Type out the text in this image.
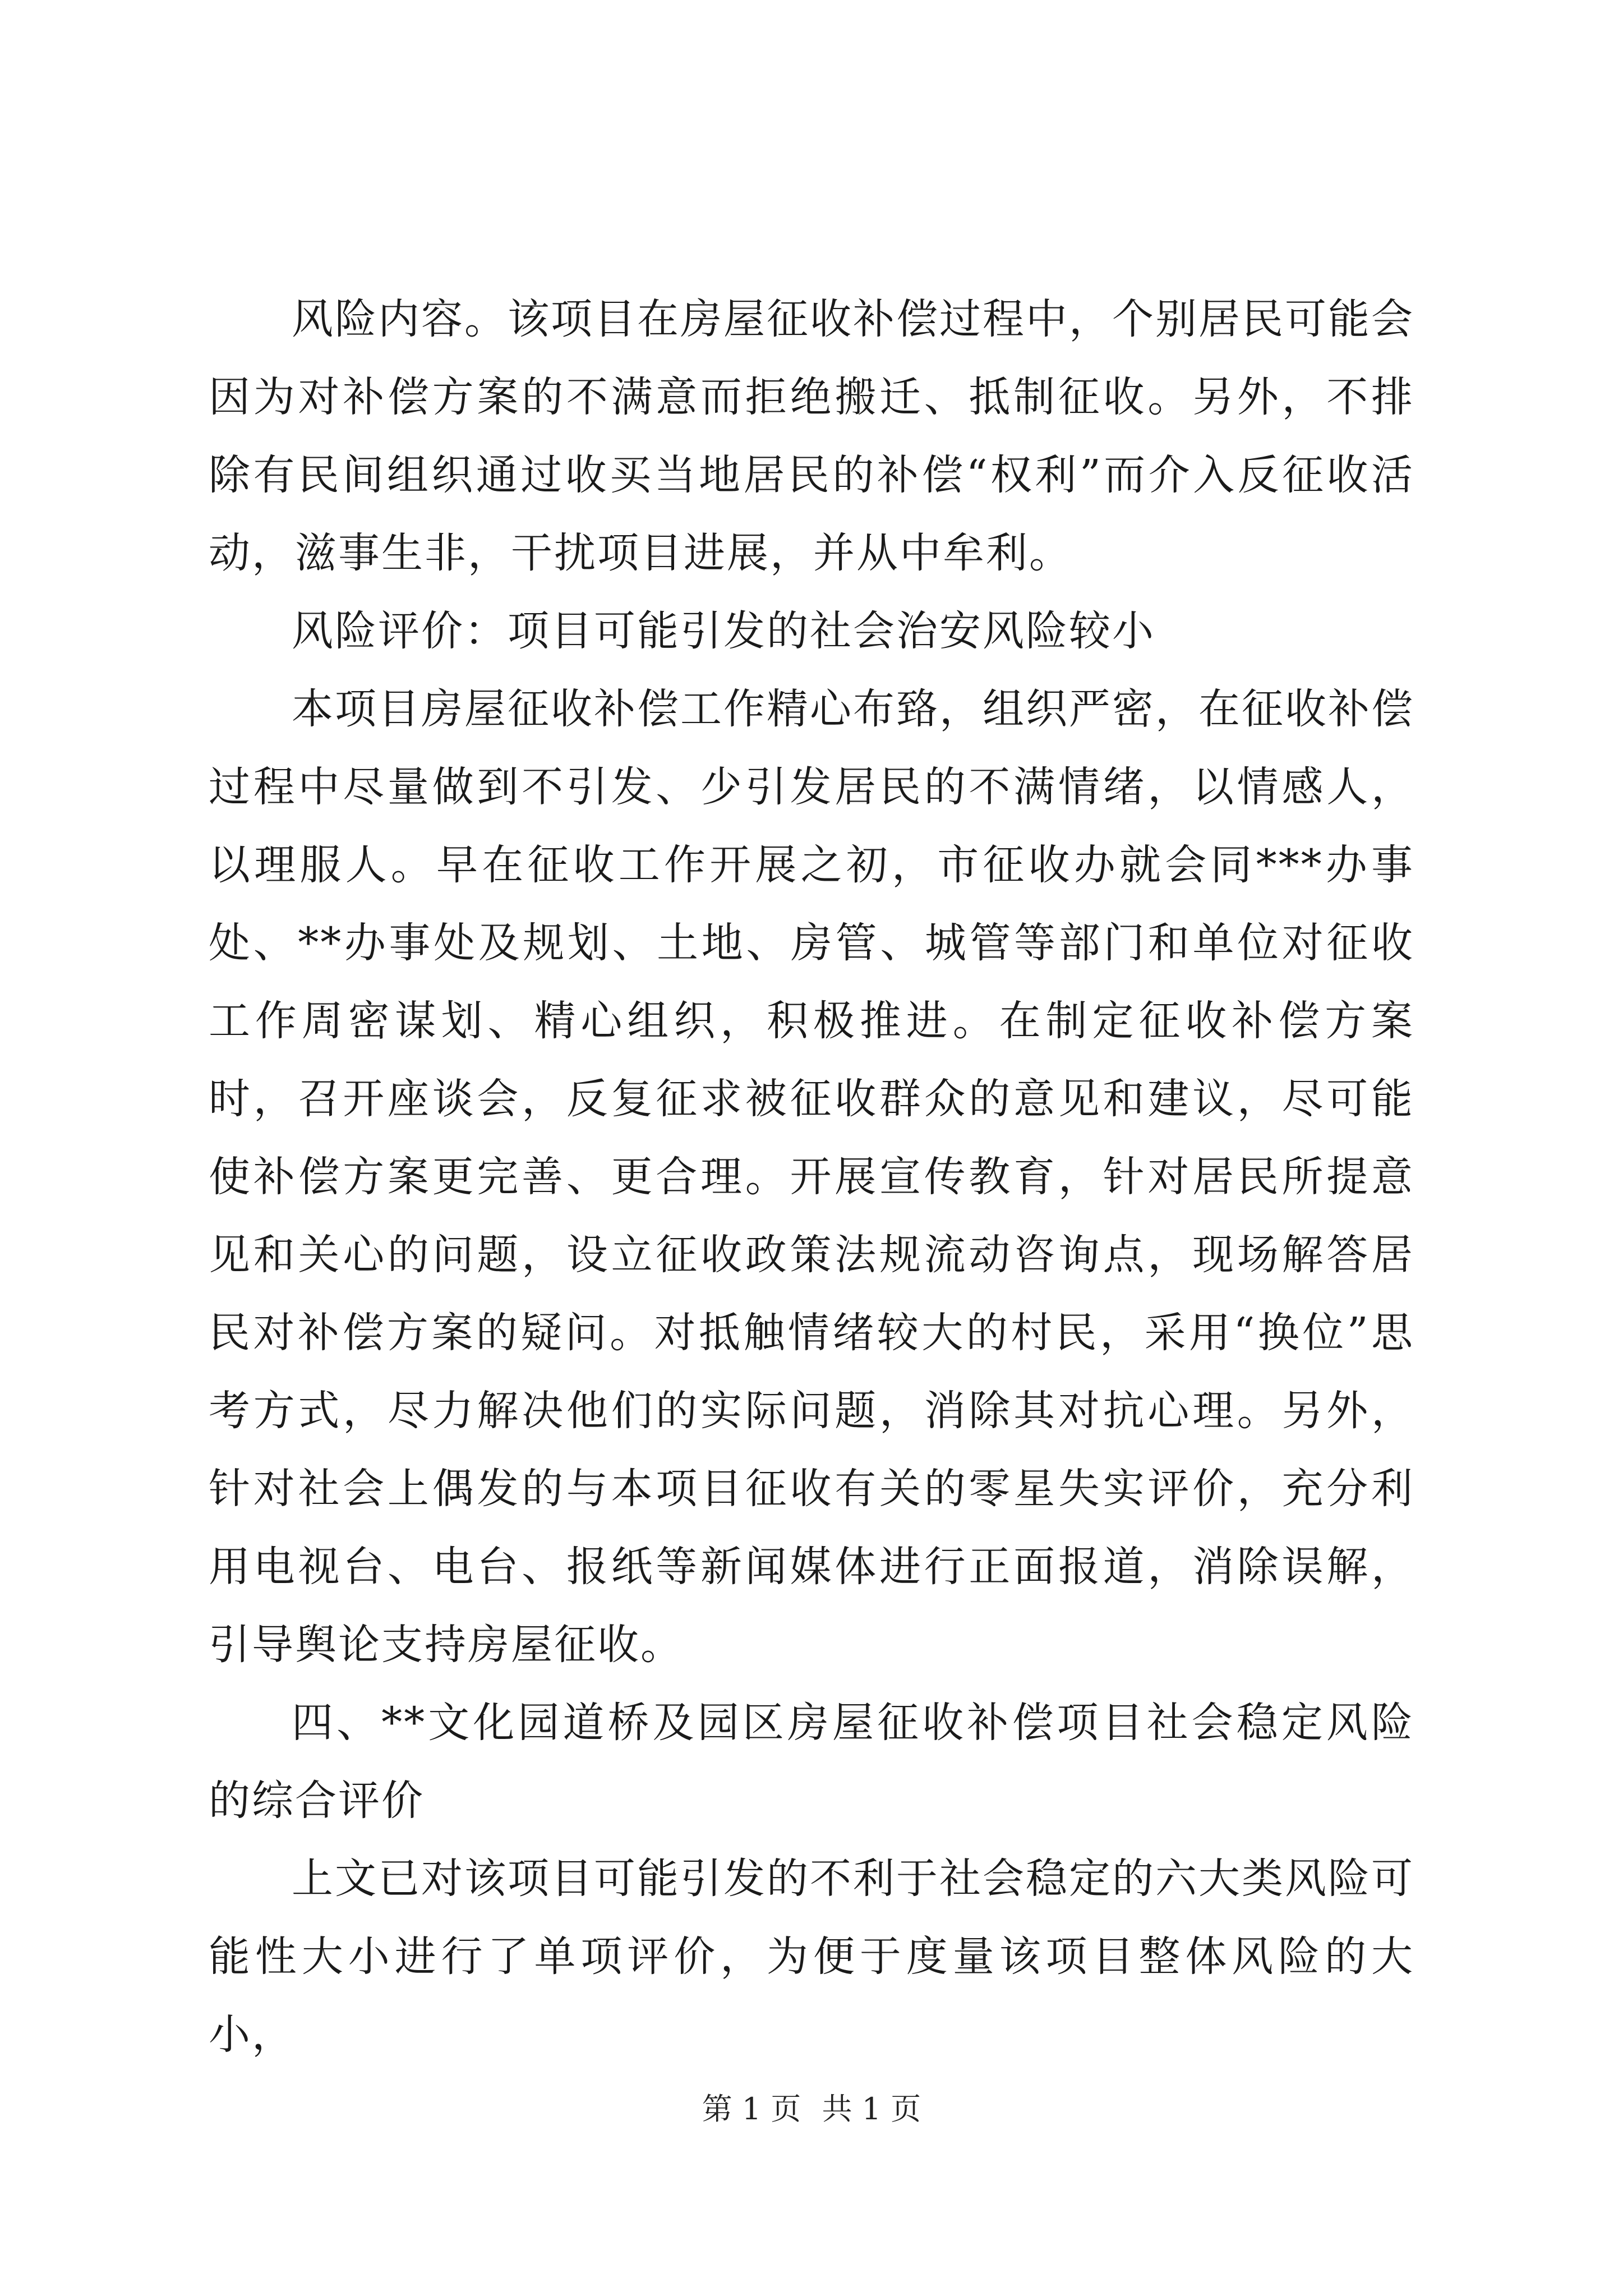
风险内容。该项目在房屋征收补偿过程中，个别居民可能会因为对补偿方案的不满意而拒绝搬迁、抵制征收。另外，不排除有民间组织通过收买当地居民的补偿“权利”而介入反征收活动，滋事生非，干扰项目进展，并从中牟利。

风险评价：项目可能引发的社会治安风险较小

本项目房屋征收补偿工作精心布臵，组织严密，在征收补偿过程中尽量做到不引发、少引发居民的不满情绪，以情感人，以理服人。早在征收工作开展之初，市征收办就会同***办事处、**办事处及规划、土地、房管、城管等部门和单位对征收工作周密谋划、精心组织，积极推进。在制定征收补偿方案时，召开座谈会，反复征求被征收群众的意见和建议，尽可能使补偿方案更完善、更合理。开展宣传教育，针对居民所提意见和关心的问题，设立征收政策法规流动咨询点，现场解答居民对补偿方案的疑问。对抵触情绪较大的村民，采用“换位”思考方式，尽力解决他们的实际问题，消除其对抗心理。另外，针对社会上偶发的与本项目征收有关的零星失实评价，充分利用电视台、电台、报纸等新闻媒体进行正面报道，消除误解，引导舆论支持房屋征收。

四、**文化园道桥及园区房屋征收补偿项目社会稳定风险的综合评价

上文已对该项目可能引发的不利于社会稳定的六大类风险可能性大小进行了单项评价，为便于度量该项目整体风险的大小，

第 1 页 共 1 页
